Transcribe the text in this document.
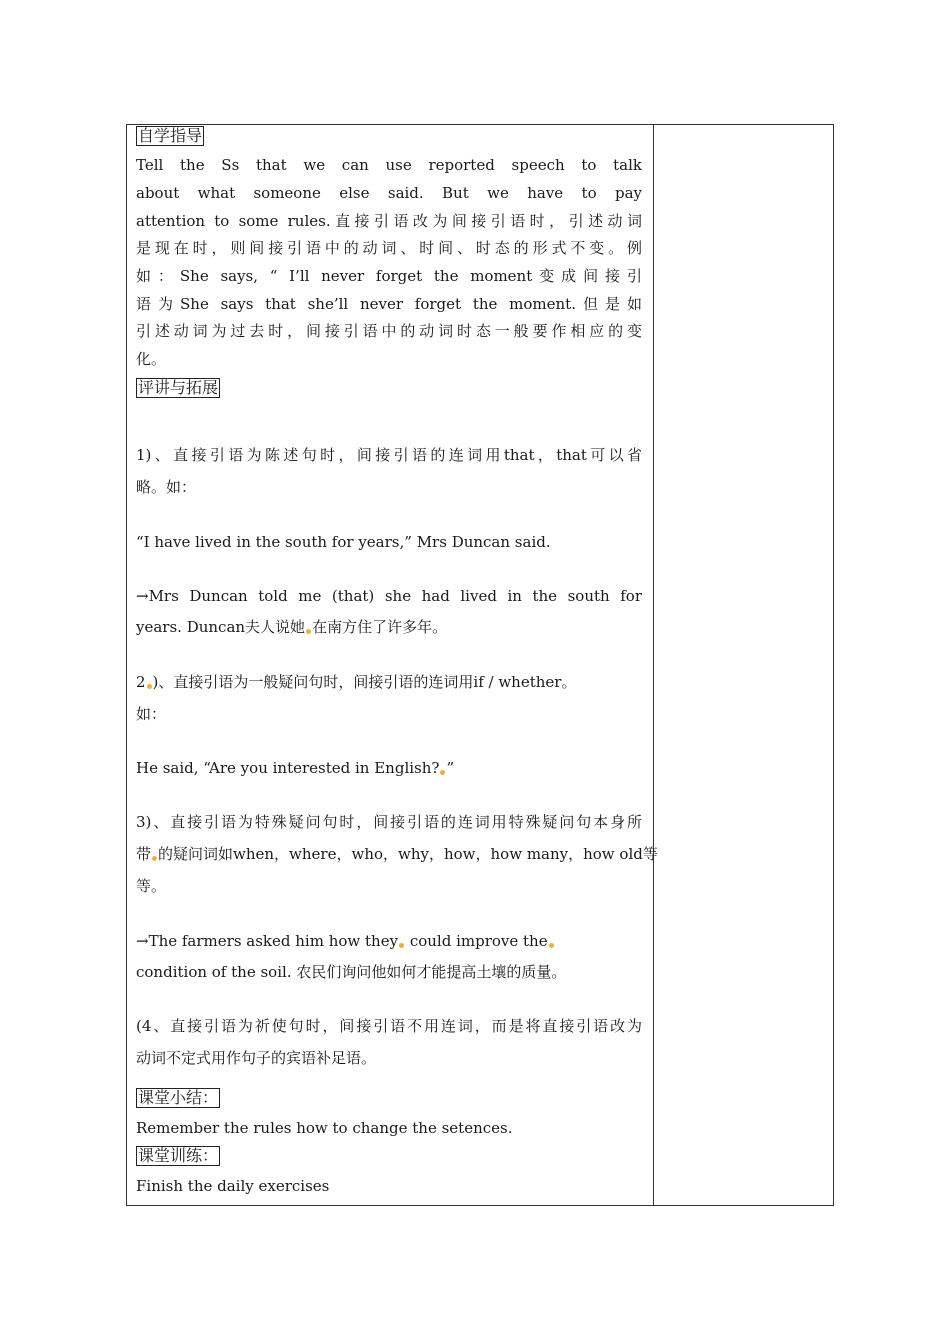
自学指导
Tell the Ss that we can use reported speech to talk
about what someone else said. But we have to pay
attention to some rules.直接引语改为间接引语时，引述动词
是现在时，则间接引语中的动词、时间、时态的形式不变。例
如：She says, “ I’ll never forget the moment变成间接引
语为She says that she’ll never forget the moment.但是如
引述动词为过去时，间接引语中的动词时态一般要作相应的变
化。
评讲与拓展
1)、直接引语为陈述句时，间接引语的连词用that，that可以省
略。如：
“I have lived in the south for years,” Mrs Duncan said.
→Mrs Duncan told me (that) she had lived in the south for
years. Duncan夫人说她 在南方住了许多年。
2 )、直接引语为一般疑问句时，间接引语的连词用if / whether。
如：
He said, “Are you interested in English? ”
3)、直接引语为特殊疑问句时，间接引语的连词用特殊疑问句本身所
带 的疑问词如when，where，who，why，how，how many，how old等
等。
→The farmers asked him how they could improve the
condition of the soil. 农民们询问他如何才能提高土壤的质量。
(4、直接引语为祈使句时，间接引语不用连词，而是将直接引语改为
动词不定式用作句子的宾语补足语。
课堂小结：
Remember the rules how to change the setences.
课堂训练：
Finish the daily exercises
